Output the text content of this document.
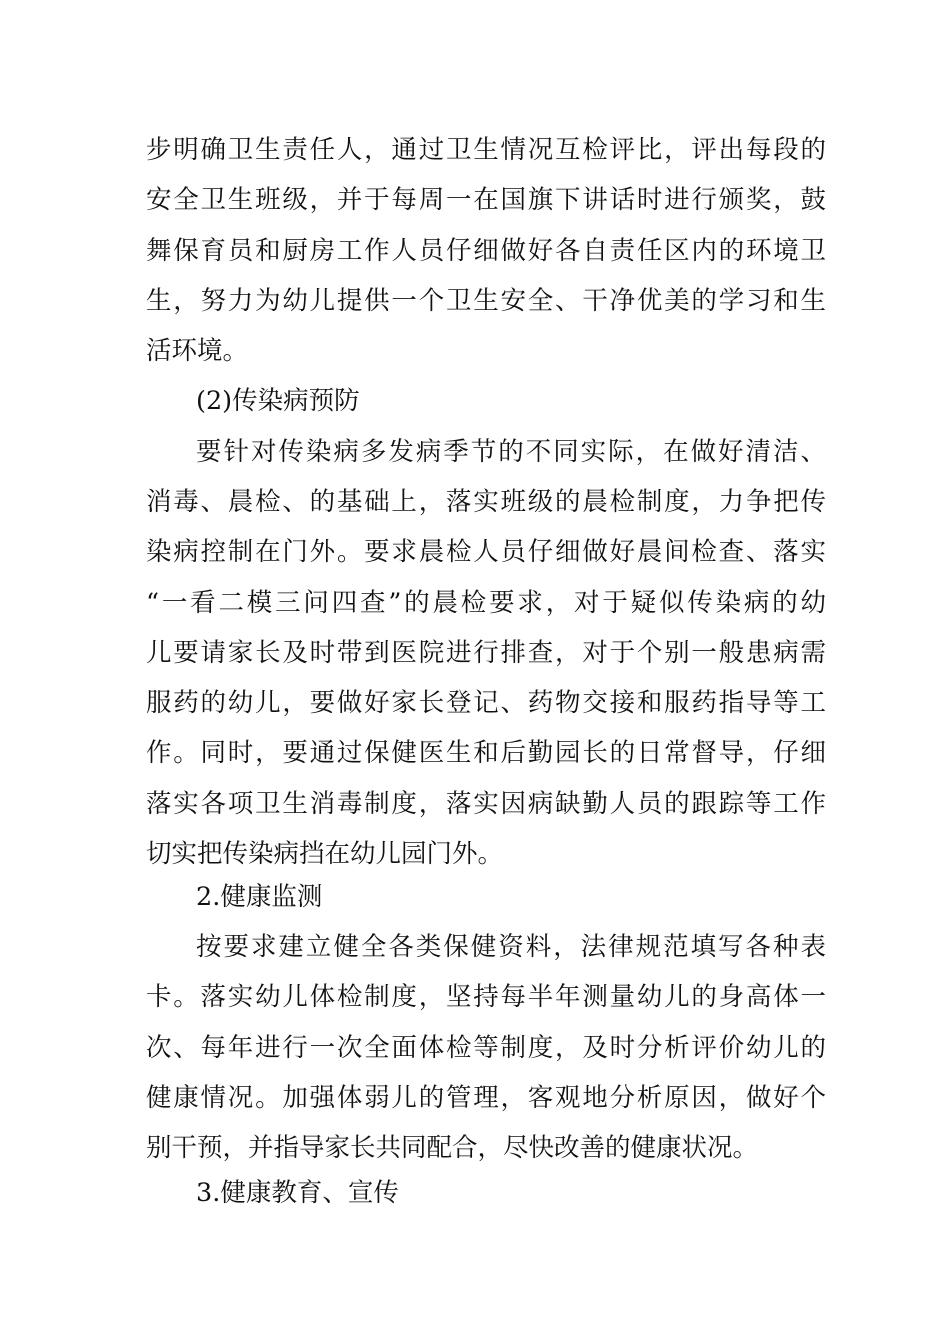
步明确卫生责任人，通过卫生情况互检评比，评出每段的
安全卫生班级，并于每周一在国旗下讲话时进行颁奖，鼓
舞保育员和厨房工作人员仔细做好各自责任区内的环境卫
生，努力为幼儿提供一个卫生安全、干净优美的学习和生
活环境。
(2)传染病预防
要针对传染病多发病季节的不同实际，在做好清洁、
消毒、晨检、的基础上，落实班级的晨检制度，力争把传
染病控制在门外。要求晨检人员仔细做好晨间检查、落实
“一看二模三问四查”的晨检要求，对于疑似传染病的幼
儿要请家长及时带到医院进行排查，对于个别一般患病需
服药的幼儿，要做好家长登记、药物交接和服药指导等工
作。同时，要通过保健医生和后勤园长的日常督导，仔细
落实各项卫生消毒制度，落实因病缺勤人员的跟踪等工作
切实把传染病挡在幼儿园门外。
2.健康监测
按要求建立健全各类保健资料，法律规范填写各种表
卡。落实幼儿体检制度，坚持每半年测量幼儿的身高体一
次、每年进行一次全面体检等制度，及时分析评价幼儿的
健康情况。加强体弱儿的管理，客观地分析原因，做好个
别干预，并指导家长共同配合，尽快改善的健康状况。
3.健康教育、宣传
